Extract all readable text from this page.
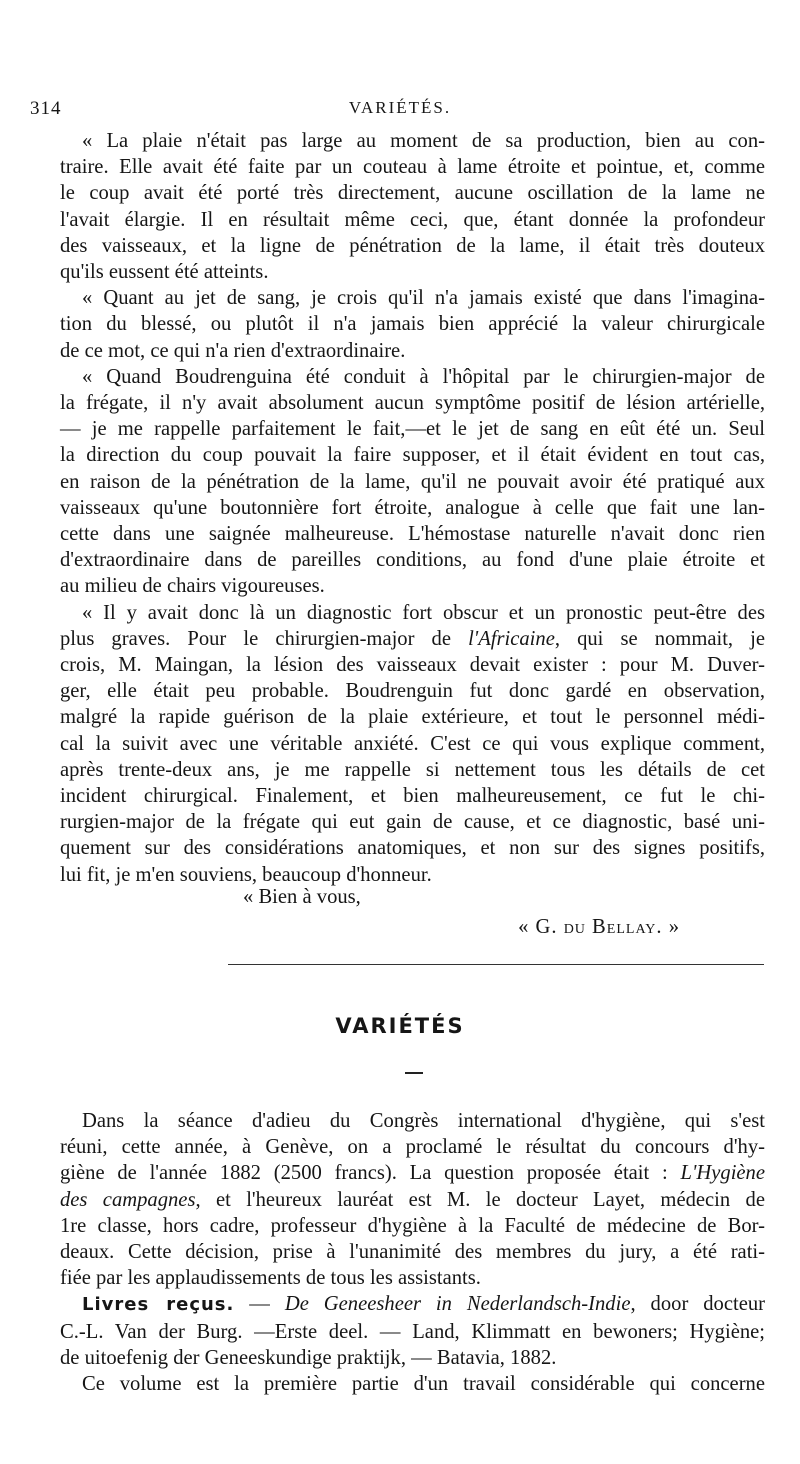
314	VARIÉTÉS.

« La plaie n'était pas large au moment de sa production, bien au con-
traire. Elle avait été faite par un couteau à lame étroite et pointue, et, comme
le coup avait été porté très directement, aucune oscillation de la lame ne
l'avait élargie. Il en résultait même ceci, que, étant donnée la profondeur
des vaisseaux, et la ligne de pénétration de la lame, il était très douteux
qu'ils eussent été atteints.

« Quant au jet de sang, je crois qu'il n'a jamais existé que dans l'imagina-
tion du blessé, ou plutôt il n'a jamais bien apprécié la valeur chirurgicale
de ce mot, ce qui n'a rien d'extraordinaire.

« Quand Boudrenguina été conduit à l'hôpital par le chirurgien-major de
la frégate, il n'y avait absolument aucun symptôme positif de lésion artérielle,
— je me rappelle parfaitement le fait,—et le jet de sang en eût été un. Seul
la direction du coup pouvait la faire supposer, et il était évident en tout cas,
en raison de la pénétration de la lame, qu'il ne pouvait avoir été pratiqué aux
vaisseaux qu'une boutonnière fort étroite, analogue à celle que fait une lan-
cette dans une saignée malheureuse. L'hémostase naturelle n'avait donc rien
d'extraordinaire dans de pareilles conditions, au fond d'une plaie étroite et
au milieu de chairs vigoureuses.

« Il y avait donc là un diagnostic fort obscur et un pronostic peut-être des
plus graves. Pour le chirurgien-major de l'Africaine, qui se nommait, je
crois, M. Maingan, la lésion des vaisseaux devait exister : pour M. Duver-
ger, elle était peu probable. Boudrenguin fut donc gardé en observation,
malgré la rapide guérison de la plaie extérieure, et tout le personnel médi-
cal la suivit avec une véritable anxiété. C'est ce qui vous explique comment,
après trente-deux ans, je me rappelle si nettement tous les détails de cet
incident chirurgical. Finalement, et bien malheureusement, ce fut le chi-
rurgien-major de la frégate qui eut gain de cause, et ce diagnostic, basé uni-
quement sur des considérations anatomiques, et non sur des signes positifs,
lui fit, je m'en souviens, beaucoup d'honneur.

« Bien à vous,
« G. du Bellay. »
VARIÉTÉS
Dans la séance d'adieu du Congrès international d'hygiène, qui s'est
réuni, cette année, à Genève, on a proclamé le résultat du concours d'hy-
giène de l'année 1882 (2500 francs). La question proposée était : L'Hygiène
des campagnes, et l'heureux lauréat est M. le docteur Layet, médecin de
1re classe, hors cadre, professeur d'hygiène à la Faculté de médecine de Bor-
deaux. Cette décision, prise à l'unanimité des membres du jury, a été rati-
fiée par les applaudissements de tous les assistants.
Livres reçus. — De Geneesheer in Nederlandsch-Indie, door docteur
C.-L. Van der Burg. —Erste deel. — Land, Klimmatt en bewoners; Hygiène;
de uitoefenig der Geneeskundige praktijk, — Batavia, 1882.
Ce volume est la première partie d'un travail considérable qui concerne
